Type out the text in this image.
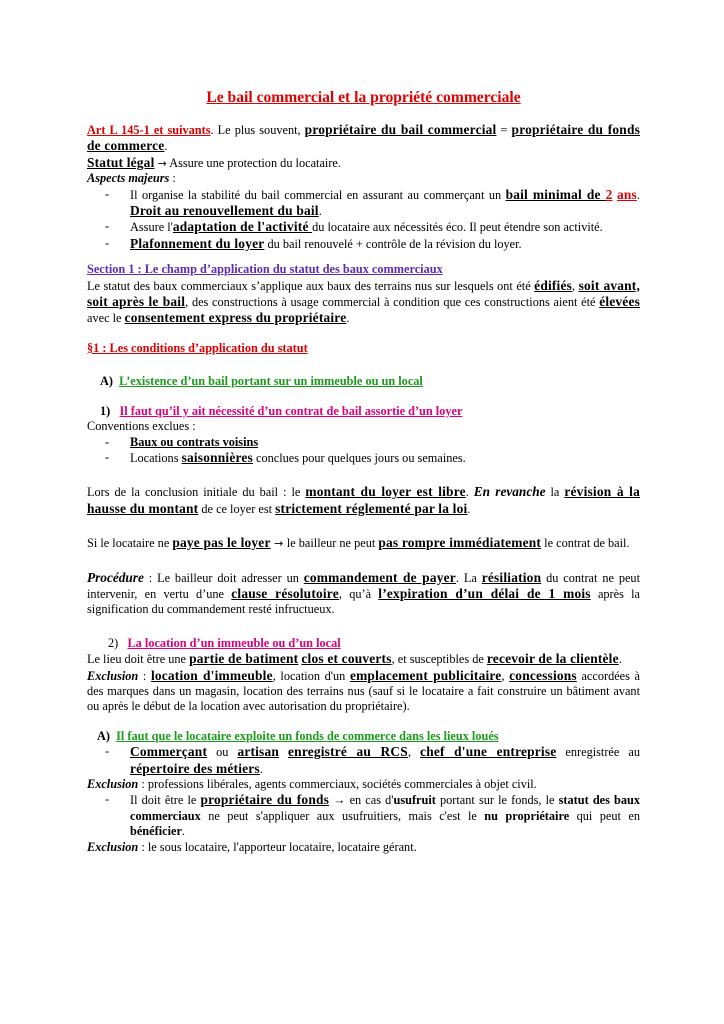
Le bail commercial et la propriété commerciale

Art L 145-1 et suivants. Le plus souvent, propriétaire du bail commercial = propriétaire du fonds de commerce.

Statut légal → Assure une protection du locataire.

Aspects majeurs :

- Il organise la stabilité du bail commercial en assurant au commerçant un bail minimal de 2 ans. Droit au renouvellement du bail.
- Assure l'adaptation de l'activité du locataire aux nécessités éco. Il peut étendre son activité.
- Plafonnement du loyer du bail renouvelé + contrôle de la révision du loyer.

Section 1 : Le champ d’application du statut des baux commerciaux

Le statut des baux commerciaux s’applique aux baux des terrains nus sur lesquels ont été édifiés, soit avant, soit après le bail, des constructions à usage commercial à condition que ces constructions aient été élevées avec le consentement express du propriétaire.

§1 : Les conditions d’application du statut

A) L’existence d’un bail portant sur un immeuble ou un local

1) Il faut qu’il y ait nécessité d’un contrat de bail assortie d’un loyer

Conventions exclues :

- Baux ou contrats voisins
- Locations saisonnières conclues pour quelques jours ou semaines.

Lors de la conclusion initiale du bail : le montant du loyer est libre. En revanche la révision à la hausse du montant de ce loyer est strictement réglementé par la loi.

Si le locataire ne paye pas le loyer → le bailleur ne peut pas rompre immédiatement le contrat de bail.

Procédure : Le bailleur doit adresser un commandement de payer. La résiliation du contrat ne peut intervenir, en vertu d’une clause résolutoire, qu’à l’expiration d’un délai de 1 mois après la signification du commandement resté infructueux.

2) La location d’un immeuble ou d’un local

Le lieu doit être une partie de batiment clos et couverts, et susceptibles de recevoir de la clientèle.

Exclusion : location d'immeuble, location d'un emplacement publicitaire, concessions accordées à des marques dans un magasin, location des terrains nus (sauf si le locataire a fait construire un bâtiment avant ou après le début de la location avec autorisation du propriétaire).

A) Il faut que le locataire exploite un fonds de commerce dans les lieux loués

- Commerçant ou artisan enregistré au RCS, chef d'une entreprise enregistrée au répertoire des métiers.

Exclusion : professions libérales, agents commerciaux, sociétés commerciales à objet civil.

- Il doit être le propriétaire du fonds → en cas d'usufruit portant sur le fonds, le statut des baux commerciaux ne peut s'appliquer aux usufruitiers, mais c'est le nu propriétaire qui peut en bénéficier.

Exclusion : le sous locataire, l'apporteur locataire, locataire gérant.
